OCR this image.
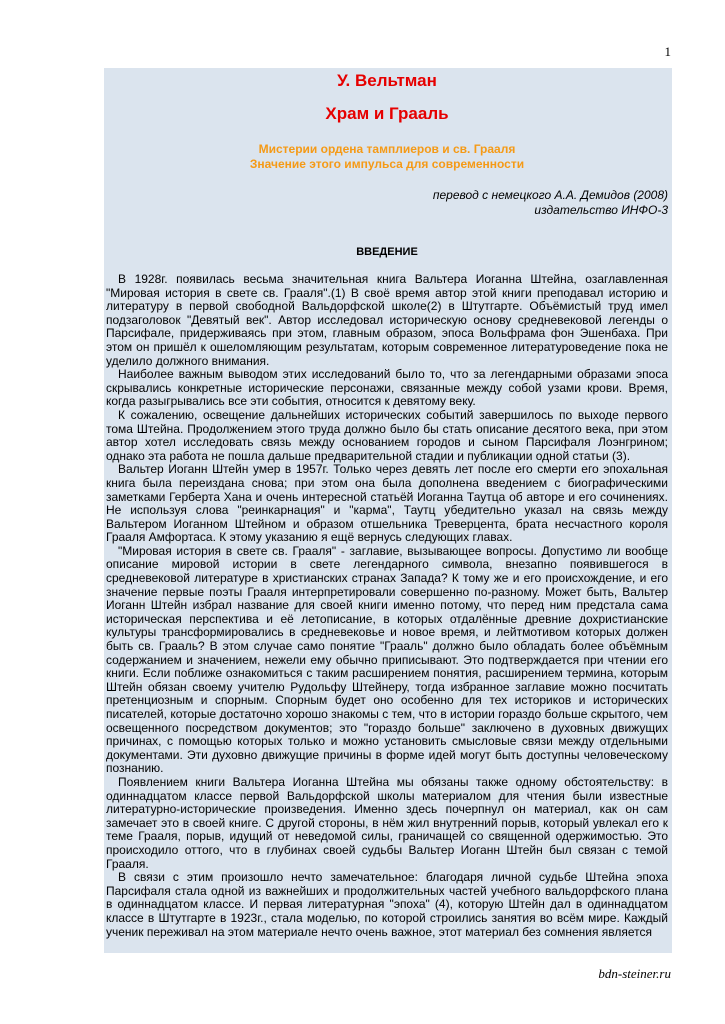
1
У. Вельтман
Храм и Грааль
Мистерии ордена тамплиеров и св. Грааля
Значение этого импульса для современности
перевод с немецкого А.А. Демидов (2008)
издательство ИНФО-3
ВВЕДЕНИЕ

В 1928г. появилась весьма значительная книга Вальтера Иоганна Штейна, озаглавленная "Мировая история в свете св. Грааля".(1) В своё время автор этой книги преподавал историю и литературу в первой свободной Вальдорфской школе(2) в Штутгарте. Объёмистый труд имел подзаголовок "Девятый век". Автор исследовал историческую основу средневековой легенды о Парсифале, придерживаясь при этом, главным образом, эпоса Вольфрама фон Эшенбаха. При этом он пришёл к ошеломляющим результатам, которым современное литературоведение пока не уделило должного внимания.

Наиболее важным выводом этих исследований было то, что за легендарными образами эпоса скрывались конкретные исторические персонажи, связанные между собой узами крови. Время, когда разыгрывались все эти события, относится к девятому веку.

К сожалению, освещение дальнейших исторических событий завершилось по выходе первого тома Штейна. Продолжением этого труда должно было бы стать описание десятого века, при этом автор хотел исследовать связь между основанием городов и сыном Парсифаля Лоэнгрином; однако эта работа не пошла дальше предварительной стадии и публикации одной статьи (3).

Вальтер Иоганн Штейн умер в 1957г. Только через девять лет после его смерти его эпохальная книга была переиздана снова; при этом она была дополнена введением с биографическими заметками Герберта Хана и очень интересной статьёй Иоганна Таутца об авторе и его сочинениях. Не используя слова "реинкарнация" и "карма", Таутц убедительно указал на связь между Вальтером Иоганном Штейном и образом отшельника Треверцента, брата несчастного короля Грааля Амфортаса. К этому указанию я ещё вернусь следующих главах.

"Мировая история в свете св. Грааля" - заглавие, вызывающее вопросы. Допустимо ли вообще описание мировой истории в свете легендарного символа, внезапно появившегося в средневековой литературе в христианских странах Запада? К тому же и его происхождение, и его значение первые поэты Грааля интерпретировали совершенно по-разному. Может быть, Вальтер Иоганн Штейн избрал название для своей книги именно потому, что перед ним предстала сама историческая перспектива и её летописание, в которых отдалённые древние дохристианские культуры трансформировались в средневековье и новое время, и лейтмотивом которых должен быть св. Грааль? В этом случае само понятие "Грааль" должно было обладать более объёмным содержанием и значением, нежели ему обычно приписывают. Это подтверждается при чтении его книги. Если поближе ознакомиться с таким расширением понятия, расширением термина, которым Штейн обязан своему учителю Рудольфу Штейнеру, тогда избранное заглавие можно посчитать претенциозным и спорным. Спорным будет оно особенно для тех историков и исторических писателей, которые достаточно хорошо знакомы с тем, что в истории гораздо больше скрытого, чем освещенного посредством документов; это "гораздо больше" заключено в духовных движущих причинах, с помощью которых только и можно установить смысловые связи между отдельными документами. Эти духовно движущие причины в форме идей могут быть доступны человеческому познанию.

Появлением книги Вальтера Иоганна Штейна мы обязаны также одному обстоятельству: в одиннадцатом классе первой Вальдорфской школы материалом для чтения были известные литературно-исторические произведения. Именно здесь почерпнул он материал, как он сам замечает это в своей книге. С другой стороны, в нём жил внутренний порыв, который увлекал его к теме Грааля, порыв, идущий от неведомой силы, граничащей со священной одержимостью. Это происходило оттого, что в глубинах своей судьбы Вальтер Иоганн Штейн был связан с темой Грааля.

В связи с этим произошло нечто замечательное: благодаря личной судьбе Штейна эпоха Парсифаля стала одной из важнейших и продолжительных частей учебного вальдорфского плана в одиннадцатом классе. И первая литературная "эпоха" (4), которую Штейн дал в одиннадцатом классе в Штутгарте в 1923г., стала моделью, по которой строились занятия во всём мире. Каждый ученик переживал на этом материале нечто очень важное, этот материал без сомнения является

bdn-steiner.ru
